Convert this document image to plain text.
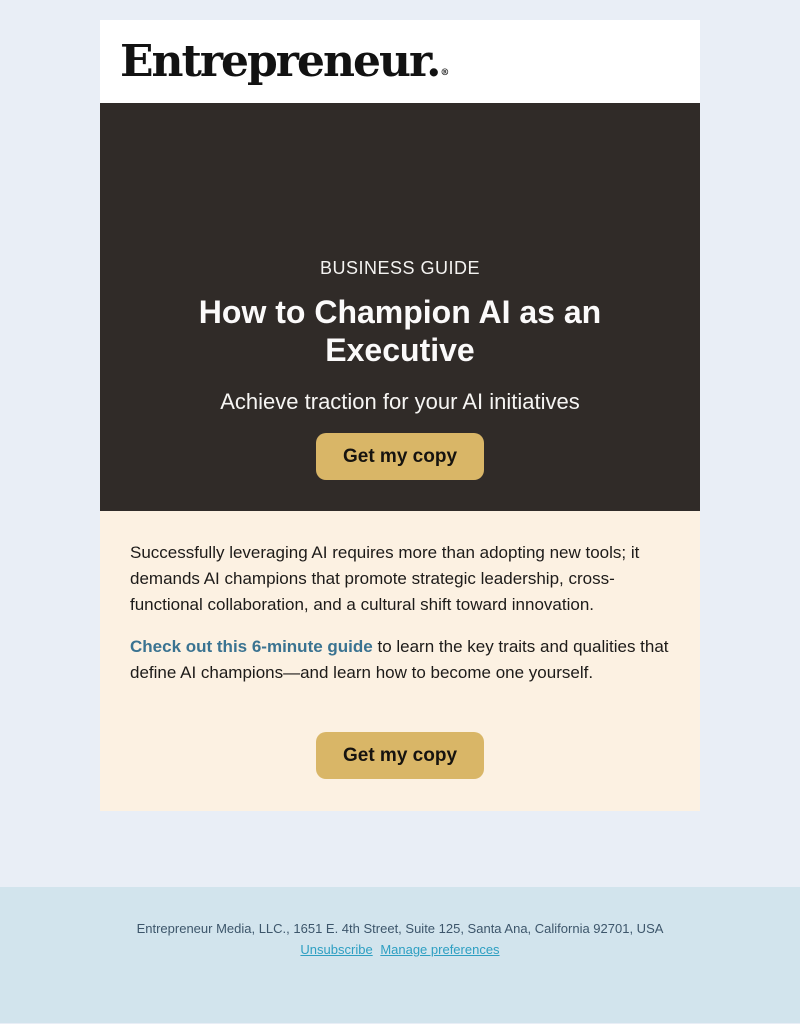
Entrepreneur.®
BUSINESS GUIDE
How to Champion AI as an Executive
Achieve traction for your AI initiatives
Get my copy

Successfully leveraging AI requires more than adopting new tools; it demands AI champions that promote strategic leadership, cross-functional collaboration, and a cultural shift toward innovation.

Check out this 6-minute guide to learn the key traits and qualities that define AI champions—and learn how to become one yourself.

Get my copy
Entrepreneur Media, LLC., 1651 E. 4th Street, Suite 125, Santa Ana, California 92701, USA
Unsubscribe Manage preferences
